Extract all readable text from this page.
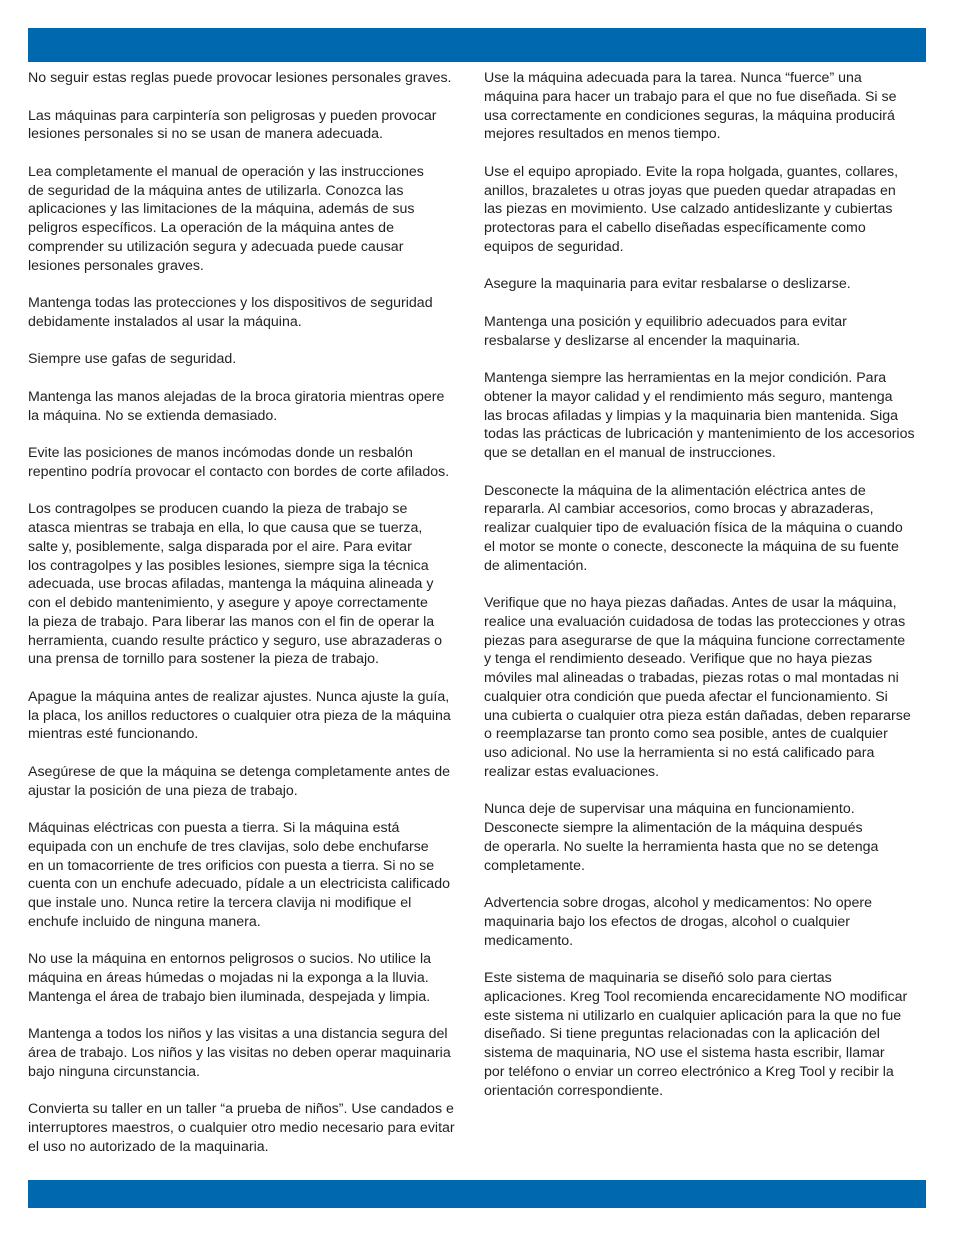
No seguir estas reglas puede provocar lesiones personales graves.

Las máquinas para carpintería son peligrosas y pueden provocar
lesiones personales si no se usan de manera adecuada.

Lea completamente el manual de operación y las instrucciones
de seguridad de la máquina antes de utilizarla. Conozca las
aplicaciones y las limitaciones de la máquina, además de sus
peligros específicos. La operación de la máquina antes de
comprender su utilización segura y adecuada puede causar
lesiones personales graves.

Mantenga todas las protecciones y los dispositivos de seguridad
debidamente instalados al usar la máquina.

Siempre use gafas de seguridad.

Mantenga las manos alejadas de la broca giratoria mientras opere
la máquina. No se extienda demasiado.

Evite las posiciones de manos incómodas donde un resbalón
repentino podría provocar el contacto con bordes de corte afilados.

Los contragolpes se producen cuando la pieza de trabajo se
atasca mientras se trabaja en ella, lo que causa que se tuerza,
salte y, posiblemente, salga disparada por el aire. Para evitar
los contragolpes y las posibles lesiones, siempre siga la técnica
adecuada, use brocas afiladas, mantenga la máquina alineada y
con el debido mantenimiento, y asegure y apoye correctamente
la pieza de trabajo. Para liberar las manos con el fin de operar la
herramienta, cuando resulte práctico y seguro, use abrazaderas o
una prensa de tornillo para sostener la pieza de trabajo.

Apague la máquina antes de realizar ajustes. Nunca ajuste la guía,
la placa, los anillos reductores o cualquier otra pieza de la máquina
mientras esté funcionando.

Asegúrese de que la máquina se detenga completamente antes de
ajustar la posición de una pieza de trabajo.

Máquinas eléctricas con puesta a tierra. Si la máquina está
equipada con un enchufe de tres clavijas, solo debe enchufarse
en un tomacorriente de tres orificios con puesta a tierra. Si no se
cuenta con un enchufe adecuado, pídale a un electricista calificado
que instale uno. Nunca retire la tercera clavija ni modifique el
enchufe incluido de ninguna manera.

No use la máquina en entornos peligrosos o sucios. No utilice la
máquina en áreas húmedas o mojadas ni la exponga a la lluvia.
Mantenga el área de trabajo bien iluminada, despejada y limpia.

Mantenga a todos los niños y las visitas a una distancia segura del
área de trabajo. Los niños y las visitas no deben operar maquinaria
bajo ninguna circunstancia.

Convierta su taller en un taller “a prueba de niños”. Use candados e
interruptores maestros, o cualquier otro medio necesario para evitar
el uso no autorizado de la maquinaria.

Use la máquina adecuada para la tarea. Nunca “fuerce” una
máquina para hacer un trabajo para el que no fue diseñada. Si se
usa correctamente en condiciones seguras, la máquina producirá
mejores resultados en menos tiempo.

Use el equipo apropiado. Evite la ropa holgada, guantes, collares,
anillos, brazaletes u otras joyas que pueden quedar atrapadas en
las piezas en movimiento. Use calzado antideslizante y cubiertas
protectoras para el cabello diseñadas específicamente como
equipos de seguridad.

Asegure la maquinaria para evitar resbalarse o deslizarse.

Mantenga una posición y equilibrio adecuados para evitar
resbalarse y deslizarse al encender la maquinaria.

Mantenga siempre las herramientas en la mejor condición. Para
obtener la mayor calidad y el rendimiento más seguro, mantenga
las brocas afiladas y limpias y la maquinaria bien mantenida. Siga
todas las prácticas de lubricación y mantenimiento de los accesorios
que se detallan en el manual de instrucciones.

Desconecte la máquina de la alimentación eléctrica antes de
repararla. Al cambiar accesorios, como brocas y abrazaderas,
realizar cualquier tipo de evaluación física de la máquina o cuando
el motor se monte o conecte, desconecte la máquina de su fuente
de alimentación.

Verifique que no haya piezas dañadas. Antes de usar la máquina,
realice una evaluación cuidadosa de todas las protecciones y otras
piezas para asegurarse de que la máquina funcione correctamente
y tenga el rendimiento deseado. Verifique que no haya piezas
móviles mal alineadas o trabadas, piezas rotas o mal montadas ni
cualquier otra condición que pueda afectar el funcionamiento. Si
una cubierta o cualquier otra pieza están dañadas, deben repararse
o reemplazarse tan pronto como sea posible, antes de cualquier
uso adicional. No use la herramienta si no está calificado para
realizar estas evaluaciones.

Nunca deje de supervisar una máquina en funcionamiento.
Desconecte siempre la alimentación de la máquina después
de operarla. No suelte la herramienta hasta que no se detenga
completamente.

Advertencia sobre drogas, alcohol y medicamentos: No opere
maquinaria bajo los efectos de drogas, alcohol o cualquier
medicamento.

Este sistema de maquinaria se diseñó solo para ciertas
aplicaciones. Kreg Tool recomienda encarecidamente NO modificar
este sistema ni utilizarlo en cualquier aplicación para la que no fue
diseñado. Si tiene preguntas relacionadas con la aplicación del
sistema de maquinaria, NO use el sistema hasta escribir, llamar
por teléfono o enviar un correo electrónico a Kreg Tool y recibir la
orientación correspondiente.
